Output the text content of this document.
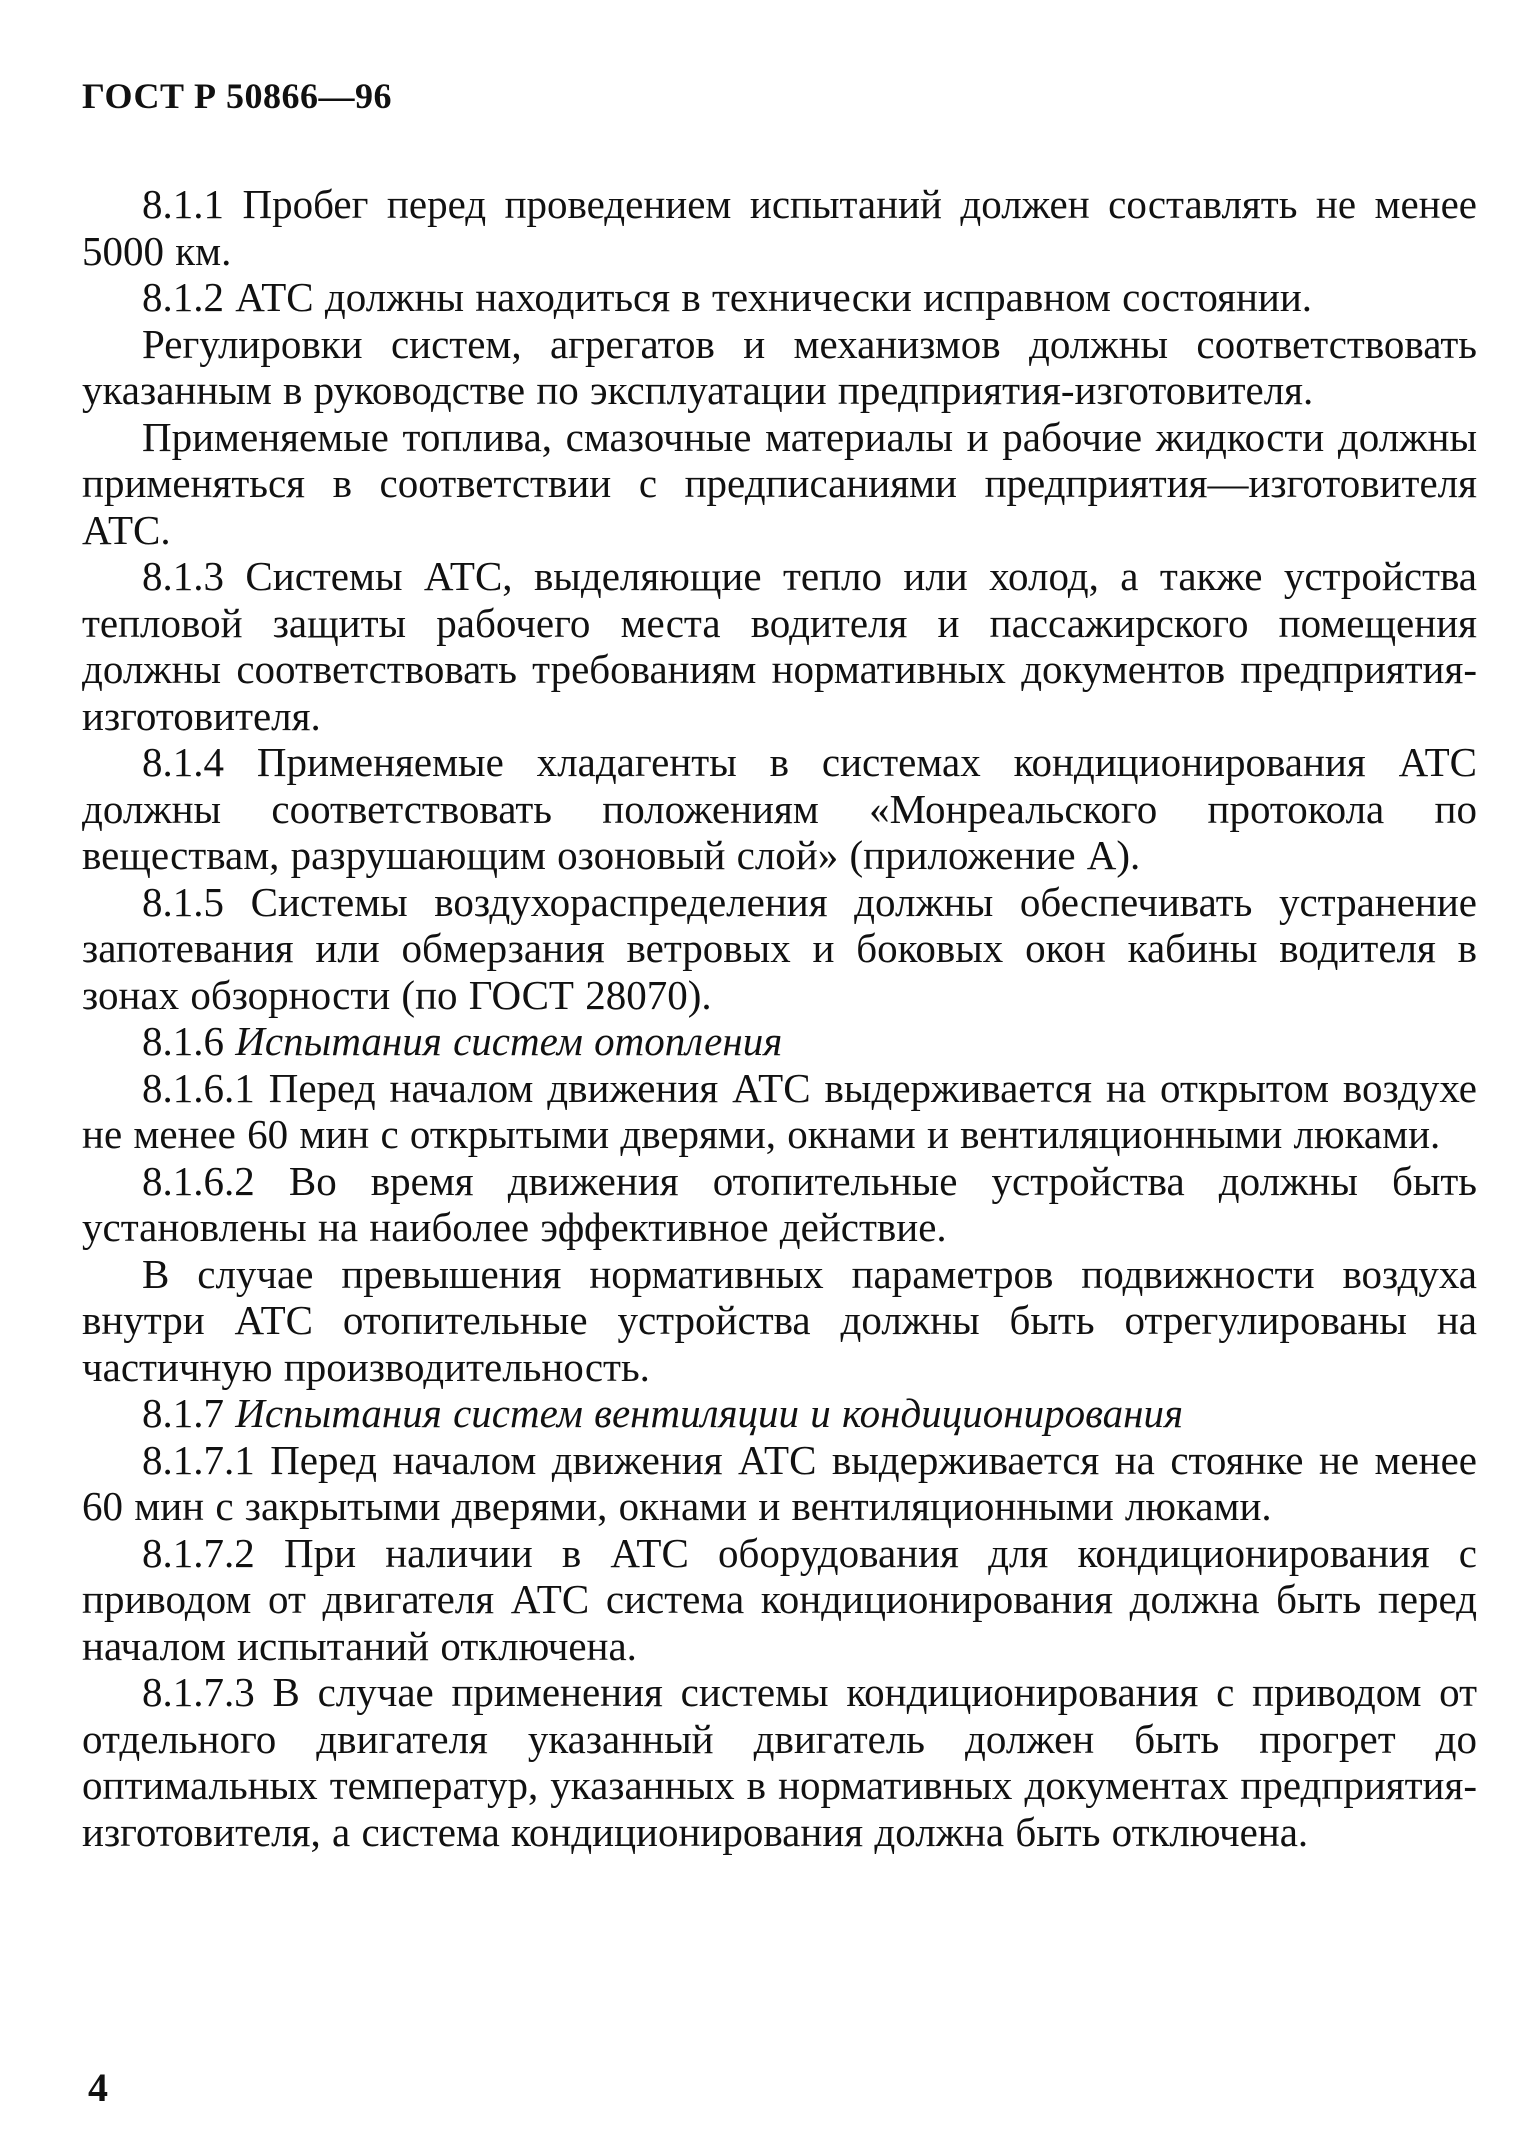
ГОСТ Р 50866—96

8.1.1 Пробег перед проведением испытаний должен составлять не менее 5000 км.

8.1.2 АТС должны находиться в технически исправном состоянии.

Регулировки систем, агрегатов и механизмов должны соответствовать указанным в руководстве по эксплуатации предприятия-изготовителя.

Применяемые топлива, смазочные материалы и рабочие жидкости должны применяться в соответствии с предписаниями предприятия—изготовителя АТС.

8.1.3 Системы АТС, выделяющие тепло или холод, а также устройства тепловой защиты рабочего места водителя и пассажирского помещения должны соответствовать требованиям нормативных документов предприятия-изготовителя.

8.1.4 Применяемые хладагенты в системах кондиционирования АТС должны соответствовать положениям «Монреальского протокола по веществам, разрушающим озоновый слой» (приложение А).

8.1.5 Системы воздухораспределения должны обеспечивать устранение запотевания или обмерзания ветровых и боковых окон кабины водителя в зонах обзорности (по ГОСТ 28070).

8.1.6 Испытания систем отопления

8.1.6.1 Перед началом движения АТС выдерживается на открытом воздухе не менее 60 мин с открытыми дверями, окнами и вентиляционными люками.

8.1.6.2 Во время движения отопительные устройства должны быть установлены на наиболее эффективное действие.

В случае превышения нормативных параметров подвижности воздуха внутри АТС отопительные устройства должны быть отрегулированы на частичную производительность.

8.1.7 Испытания систем вентиляции и кондиционирования

8.1.7.1 Перед началом движения АТС выдерживается на стоянке не менее 60 мин с закрытыми дверями, окнами и вентиляционными люками.

8.1.7.2 При наличии в АТС оборудования для кондиционирования с приводом от двигателя АТС система кондиционирования должна быть перед началом испытаний отключена.

8.1.7.3 В случае применения системы кондиционирования с приводом от отдельного двигателя указанный двигатель должен быть прогрет до оптимальных температур, указанных в нормативных документах предприятия-изготовителя, а система кондиционирования должна быть отключена.

4
